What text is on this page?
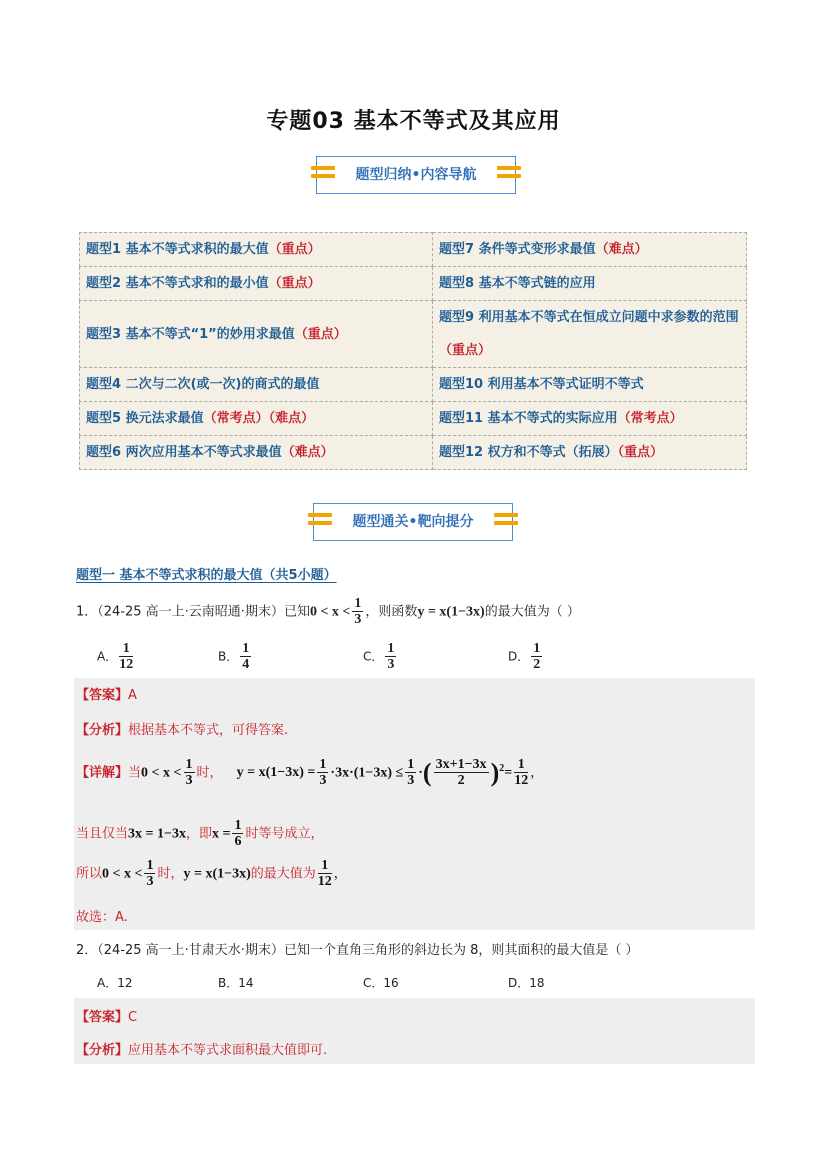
专题03 基本不等式及其应用
题型归纳•内容导航
题型1 基本不等式求积的最大值（重点）	题型7 条件等式变形求最值（难点）
题型2 基本不等式求和的最小值（重点）	题型8 基本不等式链的应用
题型3 基本不等式“1”的妙用求最值（重点）	题型9 利用基本不等式在恒成立问题中求参数的范围（重点）
题型4 二次与二次(或一次)的商式的最值	题型10 利用基本不等式证明不等式
题型5 换元法求最值（常考点）（难点）	题型11 基本不等式的实际应用（常考点）
题型6 两次应用基本不等式求最值（难点）	题型12 权方和不等式（拓展）（重点）
题型通关•靶向提分
题型一 基本不等式求积的最大值（共5小题）
1．（24-25 高一上·云南昭通·期末）已知$0 < x < \frac{1}{3}$ ，则函数y = x(1−3x)的最大值为（ ）
A． $\frac{1}{12}$	B． $\frac{1}{4}$	C． $\frac{1}{3}$	D． $\frac{1}{2}$
【答案】A
【分析】根据基本不等式，可得答案.
【详解】当$0 < x < \frac{1}{3}$ 时， $y = x(1-3x) = \frac{1}{3} \cdot 3x\cdot(1-3x) \le \frac{1}{3}$ ·( $\frac{3x+1-3x}{2} )^2= \frac{1}{12}$ ，
当且仅当3x = 1−3x，即$x = \frac{1}{6}$ 时等号成立，
所以$0 < x < \frac{1}{3}$ 时，y = x(1−3x)的最大值为 $\frac{1}{12}$ ，
故选：A.
2．（24-25 高一上·甘肃天水·期末）已知一个直角三角形的斜边长为 8，则其面积的最大值是（ ）
A．12	B．14	C．16	D．18
【答案】C
【分析】应用基本不等式求面积最大值即可.
